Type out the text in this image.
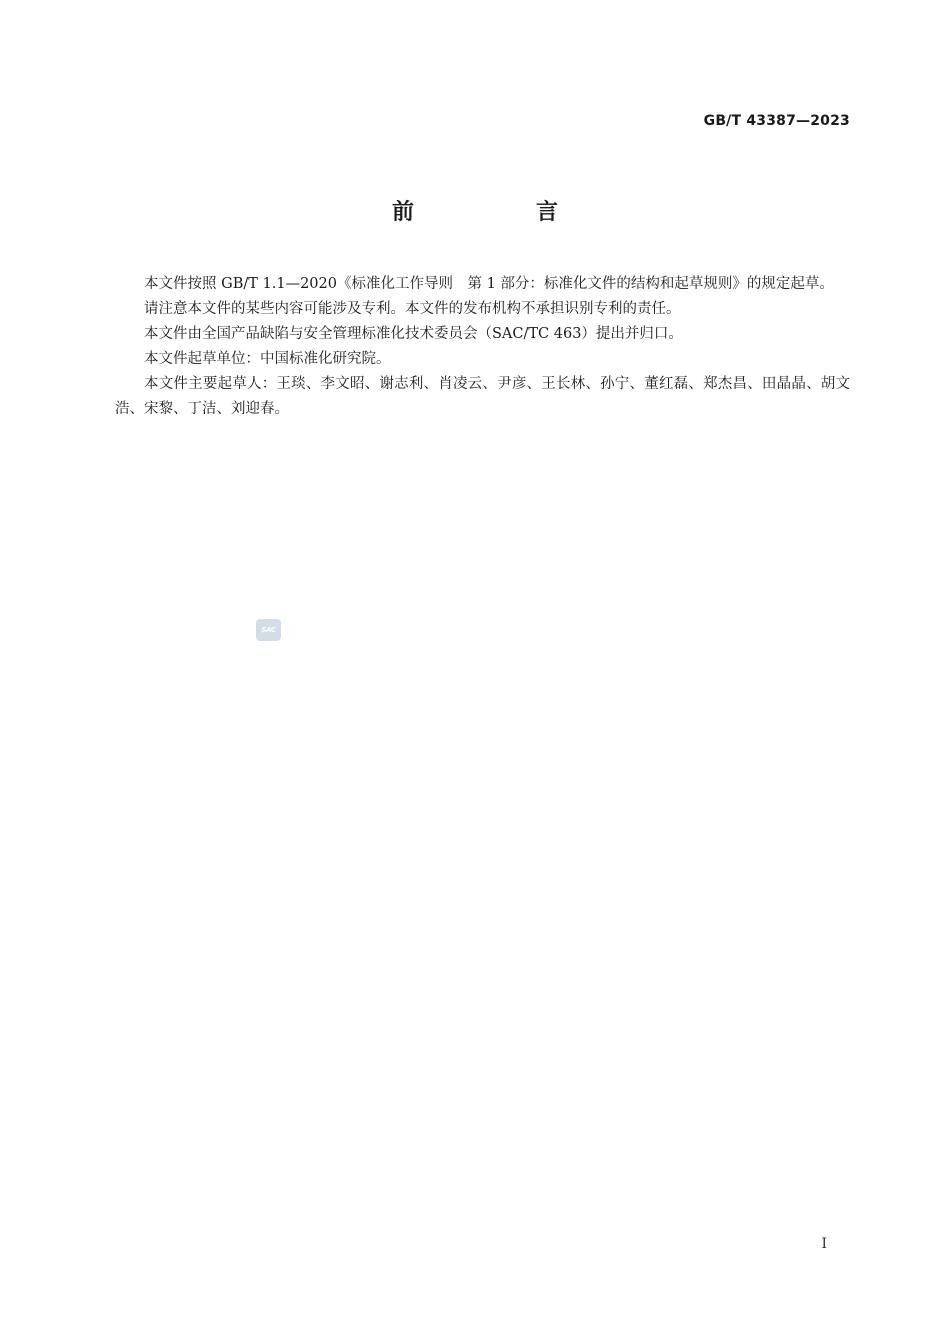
GB/T 43387—2023
前　言

本文件按照 GB/T 1.1—2020《标准化工作导则　第 1 部分：标准化文件的结构和起草规则》的规定起草。

请注意本文件的某些内容可能涉及专利。本文件的发布机构不承担识别专利的责任。

本文件由全国产品缺陷与安全管理标准化技术委员会（SAC/TC 463）提出并归口。

本文件起草单位：中国标准化研究院。

本文件主要起草人：王琰、李文昭、谢志利、肖凌云、尹彦、王长林、孙宁、董红磊、郑杰昌、田晶晶、胡文浩、宋黎、丁洁、刘迎春。

SAC
I
